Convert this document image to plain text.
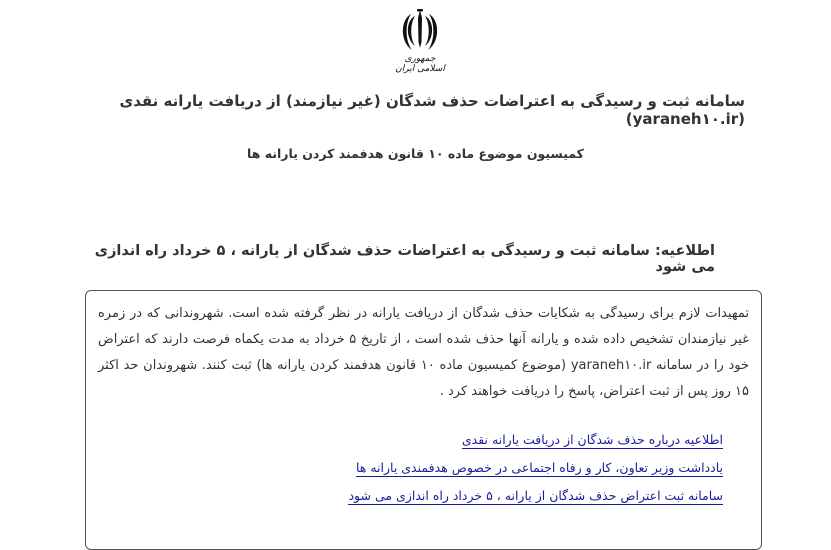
جمهوری اسلامی ایران
سامانه ثبت و رسیدگی به اعتراضات حذف شدگان (غیر نیازمند) از دریافت یارانه نقدی (yaraneh۱۰.ir)
کمیسیون موضوع ماده ۱۰ قانون هدفمند کردن یارانه ها
اطلاعیه: سامانه ثبت و رسیدگی به اعتراضات حذف شدگان از یارانه ، ۵ خرداد راه اندازی می شود

تمهیدات لازم برای رسیدگی به شکایات حذف شدگان از دریافت یارانه در نظر گرفته شده است. شهروندانی که در زمره غیر نیازمندان تشخیص داده شده و یارانه آنها حذف شده است ، از تاریخ ۵ خرداد به مدت یکماه فرصت دارند که اعتراض خود را در سامانه yaraneh۱۰.ir (موضوع کمیسیون ماده ۱۰ قانون هدفمند کردن یارانه ها) ثبت کنند. شهروندان حد اکثر ۱۵ روز پس از ثبت اعتراض، پاسخ را دریافت خواهند کرد .

اطلاعیه درباره حذف شدگان از دریافت یارانه نقدی
یادداشت وزیر تعاون، کار و رفاه اجتماعی در خصوص هدفمندی یارانه ها
سامانه ثبت اعتراض حذف شدگان از یارانه ، ۵ خرداد راه اندازی می شود
